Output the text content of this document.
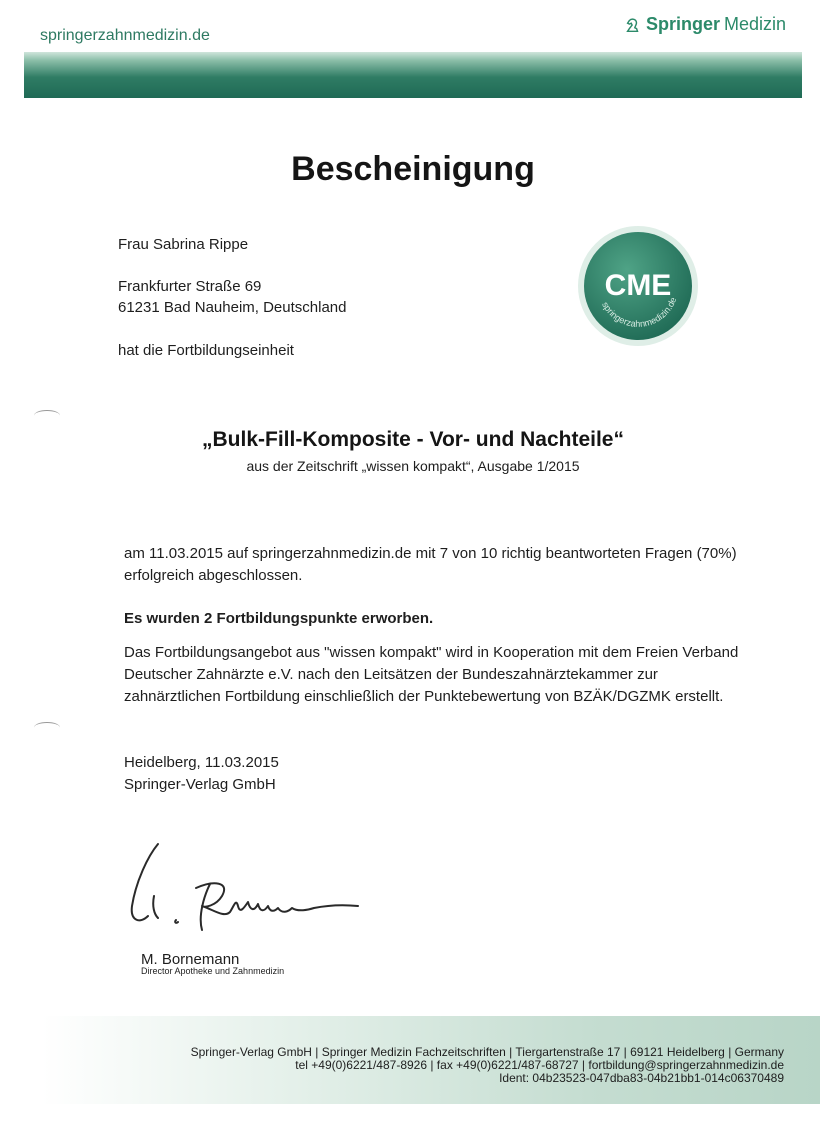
springerzahnmedizin.de
Springer Medizin
Bescheinigung
Frau Sabrina Rippe
Frankfurter Straße 69
61231 Bad Nauheim, Deutschland
hat die Fortbildungseinheit
CME
springerzahnmedizin.de
„Bulk-Fill-Komposite - Vor- und Nachteile“
aus der Zeitschrift „wissen kompakt“, Ausgabe 1/2015
am 11.03.2015 auf springerzahnmedizin.de mit 7 von 10 richtig beantworteten Fragen (70%) erfolgreich abgeschlossen.
Es wurden 2 Fortbildungspunkte erworben.
Das Fortbildungsangebot aus "wissen kompakt" wird in Kooperation mit dem Freien Verband Deutscher Zahnärzte e.V. nach den Leitsätzen der Bundeszahnärztekammer zur zahnärztlichen Fortbildung einschließlich der Punktebewertung von BZÄK/DGZMK erstellt.
Heidelberg, 11.03.2015
Springer-Verlag GmbH
M. Bornemann
Director Apotheke und Zahnmedizin
Springer-Verlag GmbH | Springer Medizin Fachzeitschriften | Tiergartenstraße 17 | 69121 Heidelberg | Germany
tel +49(0)6221/487-8926 | fax +49(0)6221/487-68727 | fortbildung@springerzahnmedizin.de
Ident: 04b23523-047dba83-04b21bb1-014c06370489
